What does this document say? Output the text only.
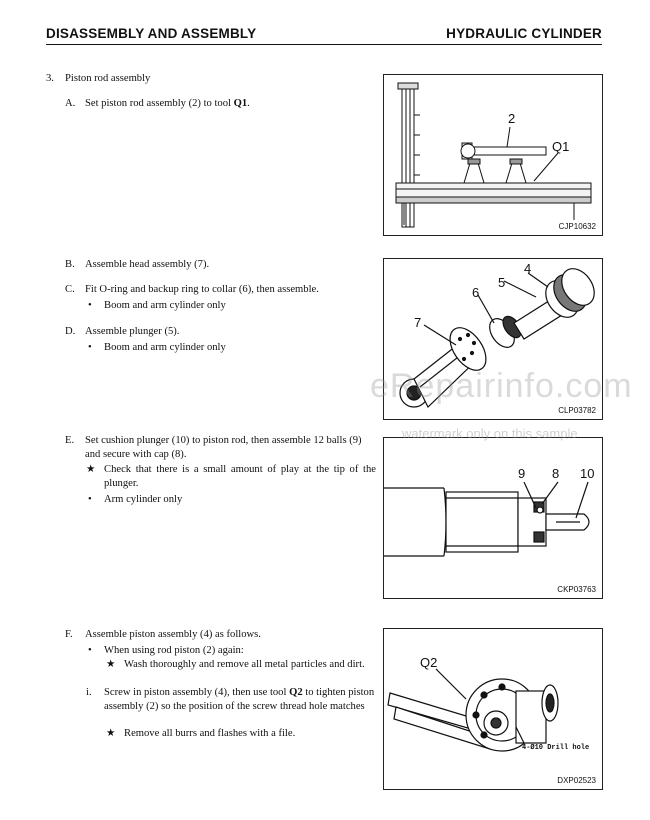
DISASSEMBLY AND ASSEMBLY	HYDRAULIC CYLINDER
3. Piston rod assembly
A. Set piston rod assembly (2) to tool Q1.
B. Assemble head assembly (7).
C. Fit O-ring and backup ring to collar (6), then assemble.
• Boom and arm cylinder only
D. Assemble plunger (5).
• Boom and arm cylinder only
E. Set cushion plunger (10) to piston rod, then assemble 12 balls (9)
and secure with cap (8).
★ Check that there is a small amount of play at the tip of the plunger.
• Arm cylinder only
F. Assemble piston assembly (4) as follows.
• When using rod piston (2) again:
★ Wash thoroughly and remove all metal particles and dirt.
i. Screw in piston assembly (4), then use tool Q2 to tighten piston assembly (2) so the position of the screw thread hole matches
★ Remove all burrs and flashes with a file.
2
Q1
CJP10632
4
5
6
7
CLP03782
9 8 10
CKP03763
Q2
4-Ø10 Drill hole
DXP02523
eRepairinfo.com
watermark only on this sample
